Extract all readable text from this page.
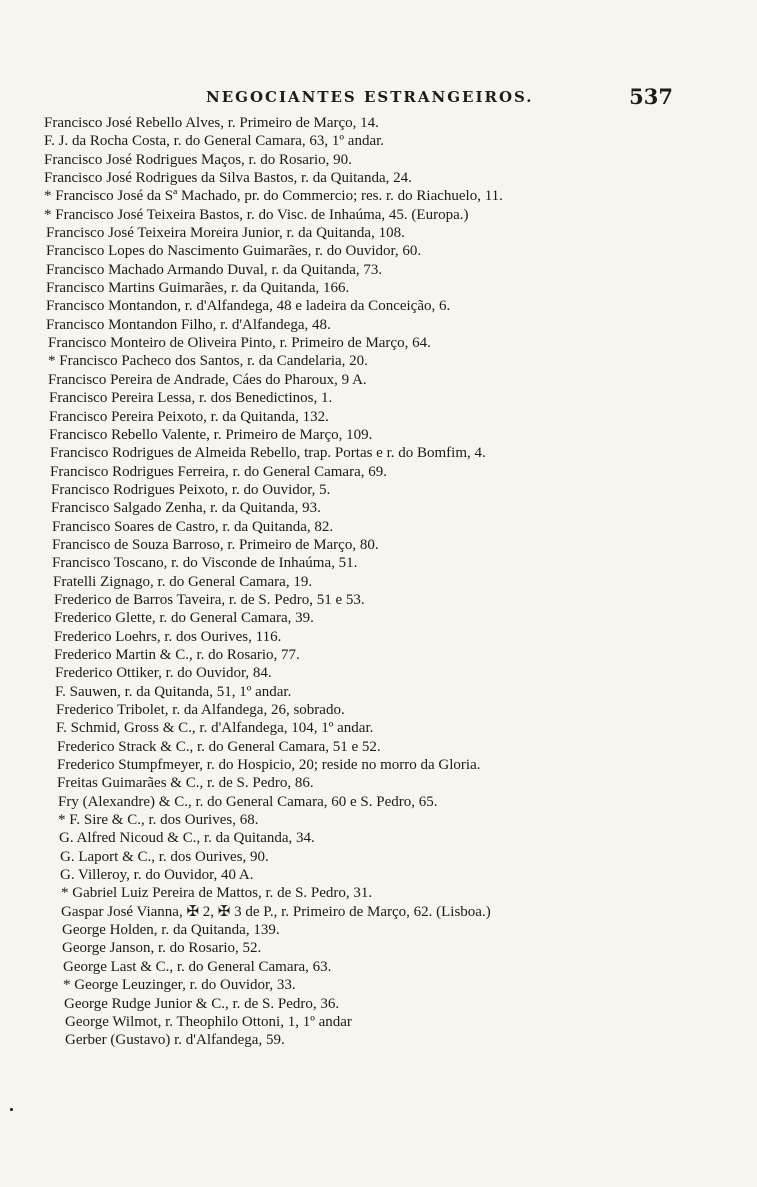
NEGOCIANTES ESTRANGEIROS.	537
Francisco José Rebello Alves, r. Primeiro de Março, 14.
F. J. da Rocha Costa, r. do General Camara, 63, 1º andar.
Francisco José Rodrigues Maços, r. do Rosario, 90.
Francisco José Rodrigues da Silva Bastos, r. da Quitanda, 24.
* Francisco José da Sª Machado, pr. do Commercio; res. r. do Riachuelo, 11.
* Francisco José Teixeira Bastos, r. do Visc. de Inhaúma, 45. (Europa.)
Francisco José Teixeira Moreira Junior, r. da Quitanda, 108.
Francisco Lopes do Nascimento Guimarães, r. do Ouvidor, 60.
Francisco Machado Armando Duval, r. da Quitanda, 73.
Francisco Martins Guimarães, r. da Quitanda, 166.
Francisco Montandon, r. d'Alfandega, 48 e ladeira da Conceição, 6.
Francisco Montandon Filho, r. d'Alfandega, 48.
Francisco Monteiro de Oliveira Pinto, r. Primeiro de Março, 64.
* Francisco Pacheco dos Santos, r. da Candelaria, 20.
Francisco Pereira de Andrade, Cáes do Pharoux, 9 A.
Francisco Pereira Lessa, r. dos Benedictinos, 1.
Francisco Pereira Peixoto, r. da Quitanda, 132.
Francisco Rebello Valente, r. Primeiro de Março, 109.
Francisco Rodrigues de Almeida Rebello, trap. Portas e r. do Bomfim, 4.
Francisco Rodrigues Ferreira, r. do General Camara, 69.
Francisco Rodrigues Peixoto, r. do Ouvidor, 5.
Francisco Salgado Zenha, r. da Quitanda, 93.
Francisco Soares de Castro, r. da Quitanda, 82.
Francisco de Souza Barroso, r. Primeiro de Março, 80.
Francisco Toscano, r. do Visconde de Inhaúma, 51.
Fratelli Zignago, r. do General Camara, 19.
Frederico de Barros Taveira, r. de S. Pedro, 51 e 53.
Frederico Glette, r. do General Camara, 39.
Frederico Loehrs, r. dos Ourives, 116.
Frederico Martin & C., r. do Rosario, 77.
Frederico Ottiker, r. do Ouvidor, 84.
F. Sauwen, r. da Quitanda, 51, 1º andar.
Frederico Tribolet, r. da Alfandega, 26, sobrado.
F. Schmid, Gross & C., r. d'Alfandega, 104, 1º andar.
Frederico Strack & C., r. do General Camara, 51 e 52.
Frederico Stumpfmeyer, r. do Hospicio, 20; reside no morro da Gloria.
Freitas Guimarães & C., r. de S. Pedro, 86.
Fry (Alexandre) & C., r. do General Camara, 60 e S. Pedro, 65.
* F. Sire & C., r. dos Ourives, 68.
G. Alfred Nicoud & C., r. da Quitanda, 34.
G. Laport & C., r. dos Ourives, 90.
G. Villeroy, r. do Ouvidor, 40 A.
* Gabriel Luiz Pereira de Mattos, r. de S. Pedro, 31.
Gaspar José Vianna, ✠ 2, ✠ 3 de P., r. Primeiro de Março, 62. (Lisboa.)
George Holden, r. da Quitanda, 139.
George Janson, r. do Rosario, 52.
George Last & C., r. do General Camara, 63.
* George Leuzinger, r. do Ouvidor, 33.
George Rudge Junior & C., r. de S. Pedro, 36.
George Wilmot, r. Theophilo Ottoni, 1, 1º andar
Gerber (Gustavo) r. d'Alfandega, 59.
